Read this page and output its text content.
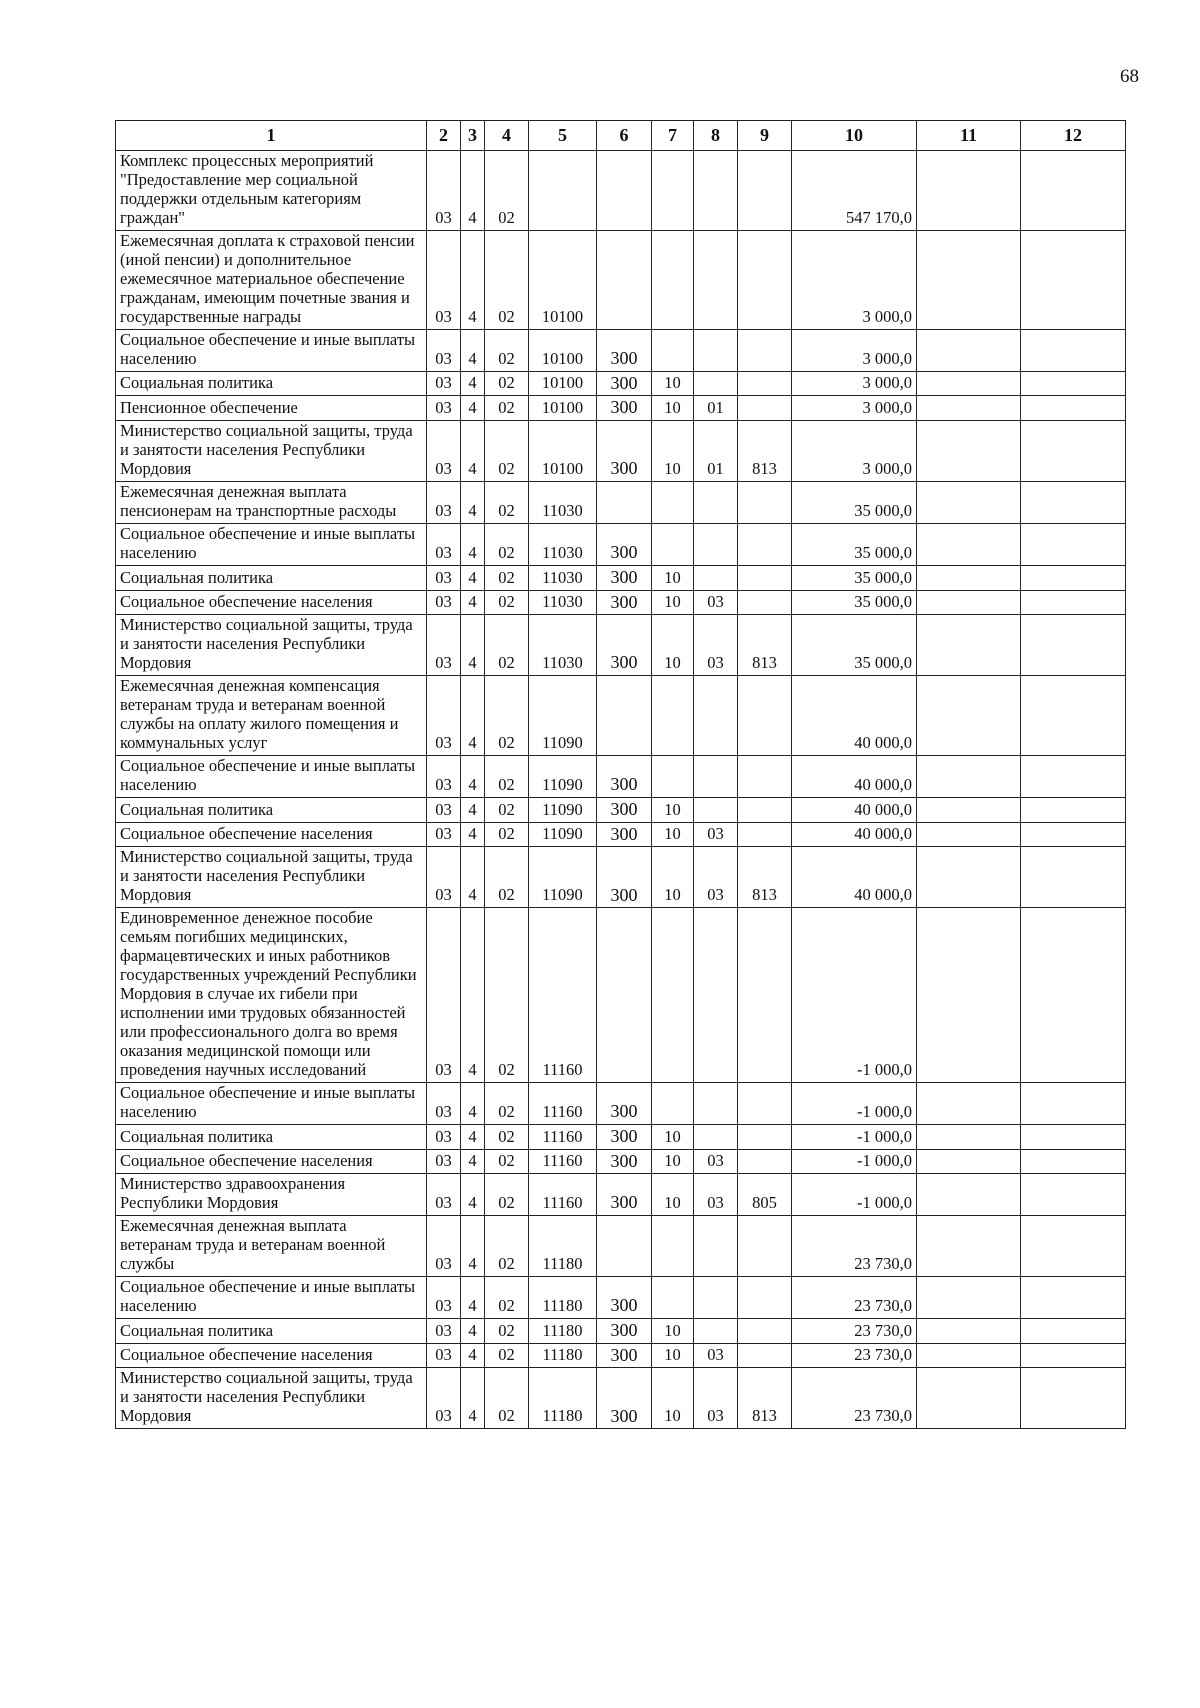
68
1	2	3	4	5	6	7	8	9	10	11	12
Комплекс процессных мероприятий "Предоставление мер социальной поддержки отдельным категориям граждан"	03	4	02						547 170,0		
Ежемесячная доплата к страховой пенсии (иной пенсии) и дополнительное ежемесячное материальное обеспечение гражданам, имеющим почетные звания и государственные награды	03	4	02	10100					3 000,0		
Социальное обеспечение и иные выплаты населению	03	4	02	10100	300				3 000,0		
Социальная политика	03	4	02	10100	300	10			3 000,0		
Пенсионное обеспечение	03	4	02	10100	300	10	01		3 000,0		
Министерство социальной защиты, труда и занятости населения Республики Мордовия	03	4	02	10100	300	10	01	813	3 000,0		
Ежемесячная денежная выплата пенсионерам на транспортные расходы	03	4	02	11030					35 000,0		
Социальное обеспечение и иные выплаты населению	03	4	02	11030	300				35 000,0		
Социальная политика	03	4	02	11030	300	10			35 000,0		
Социальное обеспечение населения	03	4	02	11030	300	10	03		35 000,0		
Министерство социальной защиты, труда и занятости населения Республики Мордовия	03	4	02	11030	300	10	03	813	35 000,0		
Ежемесячная денежная компенсация ветеранам труда и ветеранам военной службы на оплату жилого помещения и коммунальных услуг	03	4	02	11090					40 000,0		
Социальное обеспечение и иные выплаты населению	03	4	02	11090	300				40 000,0		
Социальная политика	03	4	02	11090	300	10			40 000,0		
Социальное обеспечение населения	03	4	02	11090	300	10	03		40 000,0		
Министерство социальной защиты, труда и занятости населения Республики Мордовия	03	4	02	11090	300	10	03	813	40 000,0		
Единовременное денежное пособие семьям погибших медицинских, фармацевтических и иных работников государственных учреждений Республики Мордовия в случае их гибели при исполнении ими трудовых обязанностей или профессионального долга во время оказания медицинской помощи или проведения научных исследований	03	4	02	11160					-1 000,0		
Социальное обеспечение и иные выплаты населению	03	4	02	11160	300				-1 000,0		
Социальная политика	03	4	02	11160	300	10			-1 000,0		
Социальное обеспечение населения	03	4	02	11160	300	10	03		-1 000,0		
Министерство здравоохранения Республики Мордовия	03	4	02	11160	300	10	03	805	-1 000,0		
Ежемесячная денежная выплата ветеранам труда и ветеранам военной службы	03	4	02	11180					23 730,0		
Социальное обеспечение и иные выплаты населению	03	4	02	11180	300				23 730,0		
Социальная политика	03	4	02	11180	300	10			23 730,0		
Социальное обеспечение населения	03	4	02	11180	300	10	03		23 730,0		
Министерство социальной защиты, труда и занятости населения Республики Мордовия	03	4	02	11180	300	10	03	813	23 730,0		
